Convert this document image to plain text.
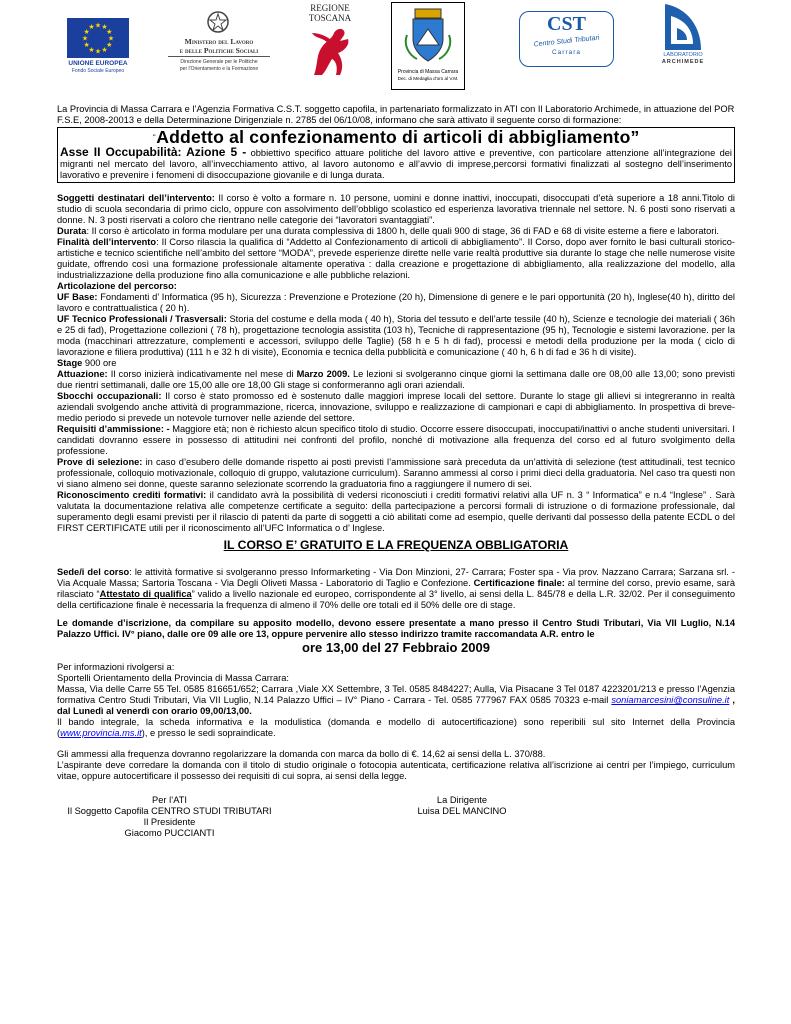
★ ★
★
★
★
★
★
★
★
★
★
★
UNIONE EUROPEA
Fondo Sociale Europeo
Ministero del Lavoro
e delle Politiche Sociali
Direzione Generale per le Politiche
per l'Orientamento e la Formazione
REGIONE
TOSCANA
Provincia di Massa Carrara
Dec. di Medaglia d'oro al V.M.
CST
Centro Studi Tributari
Carrara	LABORATORIO
ARCHIMEDE

La Provincia di Massa Carrara e l’Agenzia Formativa C.S.T. soggetto capofila, in partenariato formalizzato in ATI con Il Laboratorio Archimede, in attuazione del POR F.S.E, 2008-20013 e della Determinazione Dirigenziale n. 2785 del 06/10/08, informano che sarà attivato il seguente corso di formazione:

“Addetto al confezionamento di articoli di abbigliamento”
Asse II Occupabilità: Azione 5 - obbiettivo specifico attuare politiche del lavoro attive e preventive, con particolare attenzione all’integrazione dei migranti nel mercato del lavoro, all’invecchiamento attivo, al lavoro autonomo e all’avvio di imprese,percorsi formativi finalizzati al sostegno dell’inserimento lavorativo e prevenire i fenomeni di disoccupazione giovanile e di lunga durata.

Soggetti destinatari dell’intervento: Il corso è volto a formare n. 10 persone, uomini e donne inattivi, inoccupati, disoccupati d’età superiore a 18 anni.Titolo di studio di scuola secondaria di primo ciclo, oppure con assolvimento dell’obbligo scolastico ed esperienza lavorativa triennale nel settore. N. 6 posti sono riservati a donne. N. 3 posti riservati a coloro che rientrano nelle categorie dei “lavoratori svantaggiati”.

Durata: Il corso è articolato in forma modulare per una durata complessiva di 1800 h, delle quali 900 di stage, 36 di FAD e 68 di visite esterne a fiere e laboratori.

Finalità dell’intervento: Il Corso rilascia la qualifica di “Addetto al Confezionamento di articoli di abbigliamento”. Il Corso, dopo aver fornito le basi culturali storico-artistiche e tecnico scientifiche nell’ambito del settore “MODA”, prevede esperienze dirette nelle varie realtà produttive sia durante lo stage che nelle numerose visite guidate, offrendo così una formazione professionale altamente operativa : dalla creazione e progettazione di abbigliamento, alla realizzazione del modello, alla industrializzazione della produzione fino alla comunicazione e alle pubbliche relazioni.

Articolazione del percorso:

UF Base: Fondamenti d’ Informatica (95 h), Sicurezza : Prevenzione e Protezione (20 h), Dimensione di genere e le pari opportunità (20 h), Inglese(40 h), diritto del lavoro e contrattualistica ( 20 h).

UF Tecnico Professionali / Trasversali: Storia del costume e della moda ( 40 h), Storia del tessuto e dell’arte tessile (40 h), Scienze e tecnologie dei materiali ( 36h e 25 di fad), Progettazione collezioni ( 78 h), progettazione tecnologia assistita (103 h), Tecniche di rappresentazione (95 h), Tecnologie e sistemi lavorazione. per la moda (macchinari attrezzature, complementi e accessori, sviluppo delle Taglie) (58 h e 5 h di fad), processi e metodi della produzione per la moda ( ciclo di lavorazione e filiera produttiva) (111 h e 32 h di visite), Economia e tecnica della pubblicità e comunicazione ( 40 h, 6 h di fad e 36 h di visite).

Stage 900 ore

Attuazione: Il corso inizierà indicativamente nel mese di Marzo 2009. Le lezioni si svolgeranno cinque giorni la settimana dalle ore 08,00 alle 13,00; sono previsti due rientri settimanali, dalle ore 15,00 alle ore 18,00 Gli stage si conformeranno agli orari aziendali.

Sbocchi occupazionali: Il corso è stato promosso ed è sostenuto dalle maggiori imprese locali del settore. Durante lo stage gli allievi si integreranno in realtà aziendali svolgendo anche attività di programmazione, ricerca, innovazione, sviluppo e realizzazione di campionari e capi di abbigliamento. In prospettiva di breve-medio periodo si prevede un notevole turnover nelle aziende del settore.

Requisiti d’ammissione: - Maggiore età; non è richiesto alcun specifico titolo di studio. Occorre essere disoccupati, inoccupati/inattivi o anche studenti universitari. I candidati dovranno essere in possesso di attitudini nei confronti del profilo, nonché di motivazione alla frequenza del corso ed al futuro svolgimento della professione.

Prove di selezione: in caso d’esubero delle domande rispetto ai posti previsti l’ammissione sarà preceduta da un’attività di selezione (test attitudinali, test tecnico professionale, colloquio motivazionale, colloquio di gruppo, valutazione curriculum). Saranno ammessi al corso i primi dieci della graduatoria. Nel caso tra questi non vi siano almeno sei donne, queste saranno selezionate scorrendo la graduatoria fino a raggiungere il numero di sei.

Riconoscimento crediti formativi: il candidato avrà la possibilità di vedersi riconosciuti i crediti formativi relativi alla UF n. 3 “ Informatica” e n.4 “Inglese” . Sarà valutata la documentazione relativa alle competenze certificate a seguito: della partecipazione a percorsi formali di istruzione o di formazione professionale, dal superamento degli esami previsti per il rilascio di patenti da parte di soggetti a ciò abilitati come ad esempio, quelle derivanti dal possesso della patente ECDL o del FIRST CERTIFICATE utili per il riconoscimento all’UFC Informatica o d’ Inglese.

IL CORSO E’ GRATUITO E LA FREQUENZA OBBLIGATORIA

Sede/i del corso: le attività formative si svolgeranno presso Informarketing - Via Don Minzioni, 27- Carrara; Foster spa - Via prov. Nazzano Carrara; Sarzana srl. - Via Acquale Massa; Sartoria Toscana - Via Degli Oliveti Massa - Laboratorio di Taglio e Confezione. Certificazione finale: al termine del corso, previo esame, sarà rilasciato “Attestato di qualifica” valido a livello nazionale ed europeo, corrispondente al 3° livello, ai sensi della L. 845/78 e della L.R. 32/02. Per il conseguimento della certificazione finale è necessaria la frequenza di almeno il 70% delle ore totali ed il 50% delle ore di stage.

Le domande d’iscrizione, da compilare su apposito modello, devono essere presentate a mano presso il Centro Studi Tributari, Via VII Luglio, N.14 Palazzo Uffici. IV° piano, dalle ore 09 alle ore 13, oppure pervenire allo stesso indirizzo tramite raccomandata A.R. entro le
ore 13,00 del 27 Febbraio 2009

Per informazioni rivolgersi a:

Sportelli Orientamento della Provincia di Massa Carrara:

Massa, Via delle Carre 55 Tel. 0585 816651/652; Carrara ,Viale XX Settembre, 3 Tel. 0585 8484227; Aulla, Via Pisacane 3 Tel 0187 4223201/213 e presso l’Agenzia formativa Centro Studi Tributari, Via VII Luglio, N.14 Palazzo Uffici – IV° Piano - Carrara - Tel. 0585 777967 FAX 0585 70323 e-mail soniamarcesini@consuline.it , dal Lunedì al venerdì con orario 09,00/13,00.

Il bando integrale, la scheda informativa e la modulistica (domanda e modello di autocertificazione) sono reperibili sul sito Internet della Provincia (www.provincia.ms.it), e presso le sedi sopraindicate.

Gli ammessi alla frequenza dovranno regolarizzare la domanda con marca da bollo di €. 14,62 ai sensi della L. 370/88.

L’aspirante deve corredare la domanda con il titolo di studio originale o fotocopia autenticata, certificazione relativa all’iscrizione ai centri per l’impiego, curriculum vitae, oppure autocertificare il possesso dei requisiti di cui sopra, ai sensi della legge.

Per l’ATI
Il Soggetto Capofila CENTRO STUDI TRIBUTARI
Il Presidente
Giacomo PUCCIANTI
La Dirigente
Luisa DEL MANCINO
